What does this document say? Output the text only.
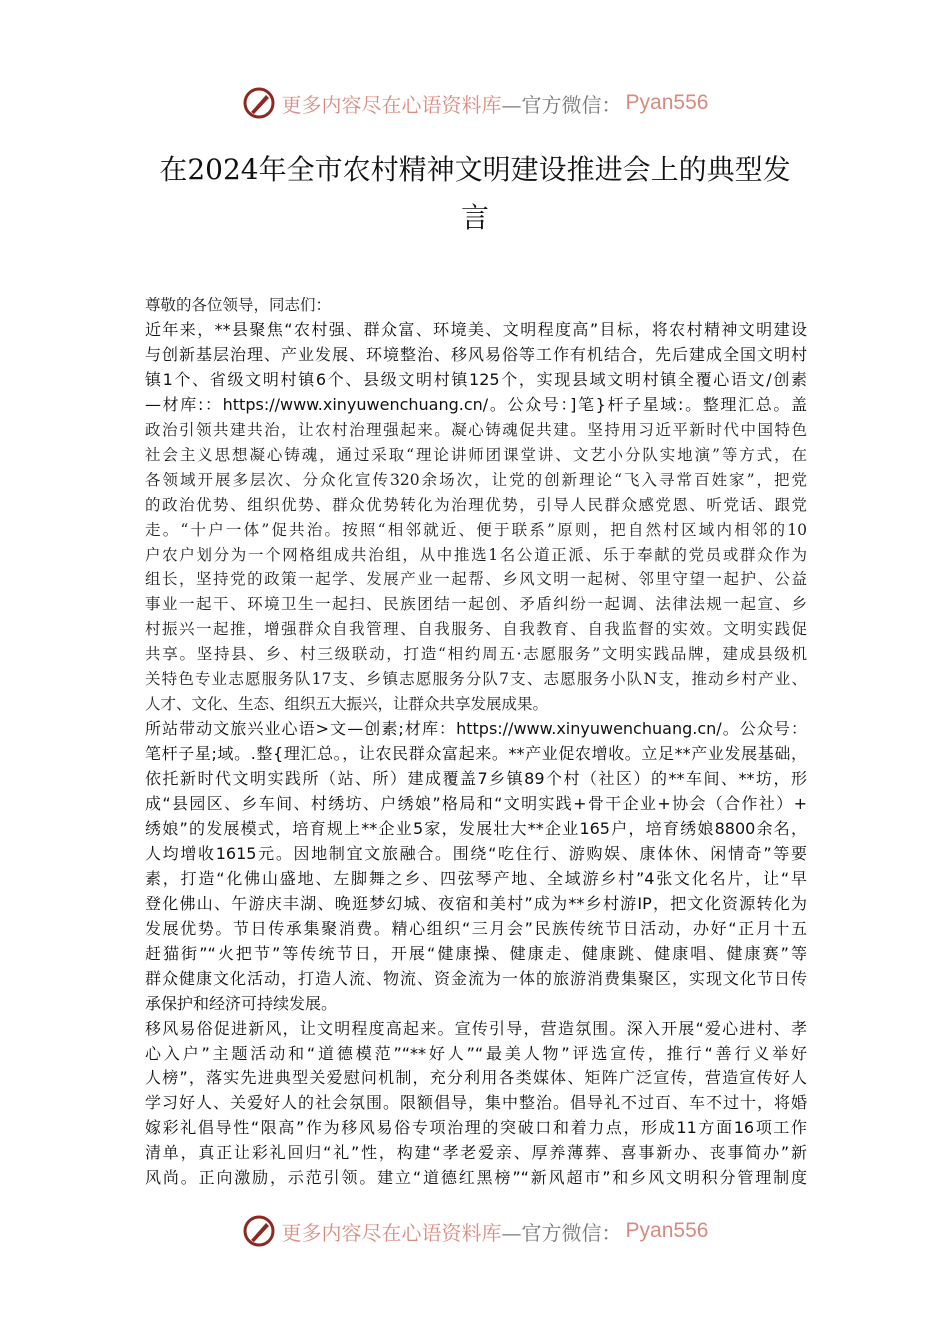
更多内容尽在心语资料库 —官方微信： Pyan556
在2024年全市农村精神文明建设推进会上的典型发
言
尊敬的各位领导，同志们：
近年来，**县聚焦“农村强、群众富、环境美、文明程度高”目标，将农村精神文明建设
与创新基层治理、产业发展、环境整治、移风易俗等工作有机结合，先后建成全国文明村
镇1个、省级文明村镇6个、县级文明村镇125个，实现县域文明村镇全覆心语文/创素
—材库:：https://www.xinyuwenchuang.cn/。公众号：]笔}杆子星域:。整理汇总。盖
政治引领共建共治，让农村治理强起来。凝心铸魂促共建。坚持用习近平新时代中国特色
社会主义思想凝心铸魂，通过采取“理论讲师团课堂讲、文艺小分队实地演”等方式，在
各领域开展多层次、分众化宣传320余场次，让党的创新理论“飞入寻常百姓家”，把党
的政治优势、组织优势、群众优势转化为治理优势，引导人民群众感党恩、听党话、跟党
走。“十户一体”促共治。按照“相邻就近、便于联系”原则，把自然村区域内相邻的10
户农户划分为一个网格组成共治组，从中推选1名公道正派、乐于奉献的党员或群众作为
组长，坚持党的政策一起学、发展产业一起帮、乡风文明一起树、邻里守望一起护、公益
事业一起干、环境卫生一起扫、民族团结一起创、矛盾纠纷一起调、法律法规一起宣、乡
村振兴一起推，增强群众自我管理、自我服务、自我教育、自我监督的实效。文明实践促
共享。坚持县、乡、村三级联动，打造“相约周五·志愿服务”文明实践品牌，建成县级机
关特色专业志愿服务队17支、乡镇志愿服务分队7支、志愿服务小队N支，推动乡村产业、
人才、文化、生态、组织五大振兴，让群众共享发展成果。
所站带动文旅兴业心语>文—创素;材库：https://www.xinyuwenchuang.cn/。公众号：
笔杆子星;域。.整{理汇总。，让农民群众富起来。**产业促农增收。立足**产业发展基础，
依托新时代文明实践所（站、所）建成覆盖7乡镇89个村（社区）的**车间、**坊，形
成“县园区、乡车间、村绣坊、户绣娘”格局和“文明实践+骨干企业+协会（合作社）+
绣娘”的发展模式，培育规上**企业5家，发展壮大**企业165户，培育绣娘8800余名，
人均增收1615元。因地制宜文旅融合。围绕“吃住行、游购娱、康体休、闲情奇”等要
素，打造“化佛山盛地、左脚舞之乡、四弦琴产地、全域游乡村”4张文化名片，让“早
登化佛山、午游庆丰湖、晚逛梦幻城、夜宿和美村”成为**乡村游IP，把文化资源转化为
发展优势。节日传承集聚消费。精心组织“三月会”民族传统节日活动，办好“正月十五
赶猫街”“火把节”等传统节日，开展“健康操、健康走、健康跳、健康唱、健康赛”等
群众健康文化活动，打造人流、物流、资金流为一体的旅游消费集聚区，实现文化节日传
承保护和经济可持续发展。
移风易俗促进新风，让文明程度高起来。宣传引导，营造氛围。深入开展“爱心进村、孝
心入户”主题活动和“道德模范”“**好人”“最美人物”评选宣传，推行“善行义举好
人榜”，落实先进典型关爱慰问机制，充分利用各类媒体、矩阵广泛宣传，营造宣传好人
学习好人、关爱好人的社会氛围。限额倡导，集中整治。倡导礼不过百、车不过十，将婚
嫁彩礼倡导性“限高”作为移风易俗专项治理的突破口和着力点，形成11方面16项工作
清单，真正让彩礼回归“礼”性，构建“孝老爱亲、厚养薄葬、喜事新办、丧事简办”新
风尚。正向激励，示范引领。建立“道德红黑榜”“新风超市”和乡风文明积分管理制度
更多内容尽在心语资料库 —官方微信： Pyan556
